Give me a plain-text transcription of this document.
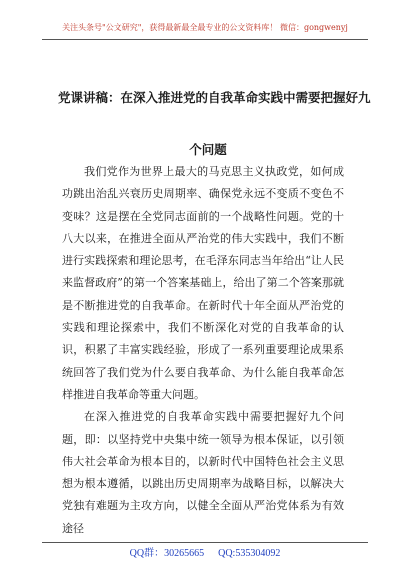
关注头条号"公文研究"，获得最新最全最专业的公文资料库！ 微信：gongwenyj
党课讲稿：在深入推进党的自我革命实践中需要把握好九
个问题

我们党作为世界上最大的马克思主义执政党，如何成功跳出治乱兴衰历史周期率、确保党永远不变质不变色不变味？这是摆在全党同志面前的一个战略性问题。党的十八大以来，在推进全面从严治党的伟大实践中，我们不断进行实践探索和理论思考，在毛泽东同志当年给出“让人民来监督政府”的第一个答案基础上，给出了第二个答案那就是不断推进党的自我革命。在新时代十年全面从严治党的实践和理论探索中，我们不断深化对党的自我革命的认识，积累了丰富实践经验，形成了一系列重要理论成果系统回答了我们党为什么要自我革命、为什么能自我革命怎样推进自我革命等重大问题。

在深入推进党的自我革命实践中需要把握好九个问题，即：以坚持党中央集中统一领导为根本保证，以引领伟大社会革命为根本目的，以新时代中国特色社会主义思想为根本遵循，以跳出历史周期率为战略目标，以解决大党独有难题为主攻方向，以健全全面从严治党体系为有效途径

QQ群：30265665 QQ:535304092
